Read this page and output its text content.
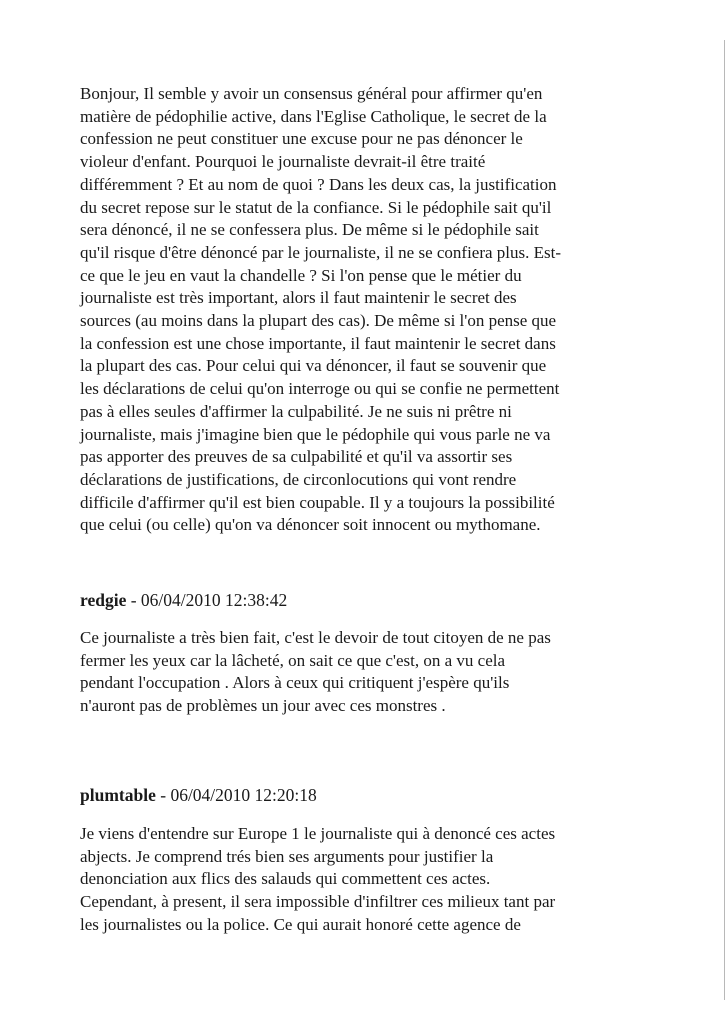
Bonjour, Il semble y avoir un consensus général pour affirmer qu'en
matière de pédophilie active, dans l'Eglise Catholique, le secret de la
confession ne peut constituer une excuse pour ne pas dénoncer le
violeur d'enfant. Pourquoi le journaliste devrait-il être traité
différemment ? Et au nom de quoi ? Dans les deux cas, la justification
du secret repose sur le statut de la confiance. Si le pédophile sait qu'il
sera dénoncé, il ne se confessera plus. De même si le pédophile sait
qu'il risque d'être dénoncé par le journaliste, il ne se confiera plus. Est-
ce que le jeu en vaut la chandelle ? Si l'on pense que le métier du
journaliste est très important, alors il faut maintenir le secret des
sources (au moins dans la plupart des cas). De même si l'on pense que
la confession est une chose importante, il faut maintenir le secret dans
la plupart des cas. Pour celui qui va dénoncer, il faut se souvenir que
les déclarations de celui qu'on interroge ou qui se confie ne permettent
pas à elles seules d'affirmer la culpabilité. Je ne suis ni prêtre ni
journaliste, mais j'imagine bien que le pédophile qui vous parle ne va
pas apporter des preuves de sa culpabilité et qu'il va assortir ses
déclarations de justifications, de circonlocutions qui vont rendre
difficile d'affirmer qu'il est bien coupable. Il y a toujours la possibilité
que celui (ou celle) qu'on va dénoncer soit innocent ou mythomane.

redgie - 06/04/2010 12:38:42

Ce journaliste a très bien fait, c'est le devoir de tout citoyen de ne pas
fermer les yeux car la lâcheté, on sait ce que c'est, on a vu cela
pendant l'occupation . Alors à ceux qui critiquent j'espère qu'ils
n'auront pas de problèmes un jour avec ces monstres .

plumtable - 06/04/2010 12:20:18

Je viens d'entendre sur Europe 1 le journaliste qui à denoncé ces actes
abjects. Je comprend trés bien ses arguments pour justifier la
denonciation aux flics des salauds qui commettent ces actes.
Cependant, à present, il sera impossible d'infiltrer ces milieux tant par
les journalistes ou la police. Ce qui aurait honoré cette agence de
